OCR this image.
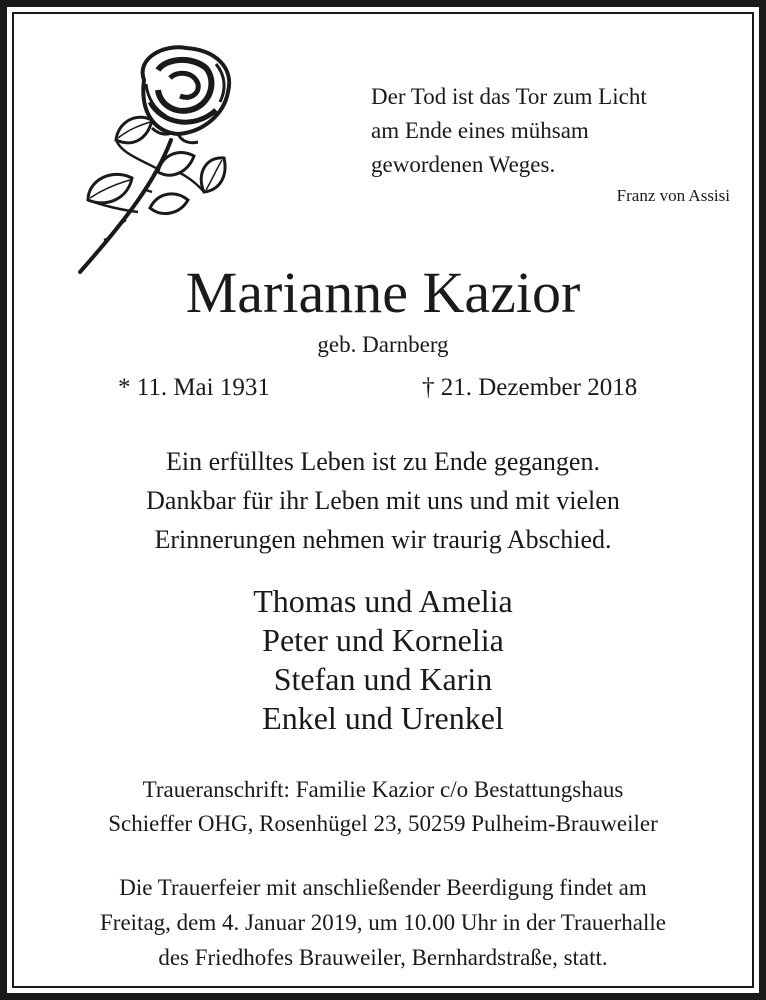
Der Tod ist das Tor zum Licht
am Ende eines mühsam
gewordenen Weges.
Franz von Assisi
Marianne Kazior
geb. Darnberg
* 11. Mai 1931	† 21. Dezember 2018
Ein erfülltes Leben ist zu Ende gegangen.
Dankbar für ihr Leben mit uns und mit vielen
Erinnerungen nehmen wir traurig Abschied.
Thomas und Amelia
Peter und Kornelia
Stefan und Karin
Enkel und Urenkel
Traueranschrift: Familie Kazior c/o Bestattungshaus
Schieffer OHG, Rosenhügel 23, 50259 Pulheim-Brauweiler
Die Trauerfeier mit anschließender Beerdigung findet am
Freitag, dem 4. Januar 2019, um 10.00 Uhr in der Trauerhalle
des Friedhofes Brauweiler, Bernhardstraße, statt.
